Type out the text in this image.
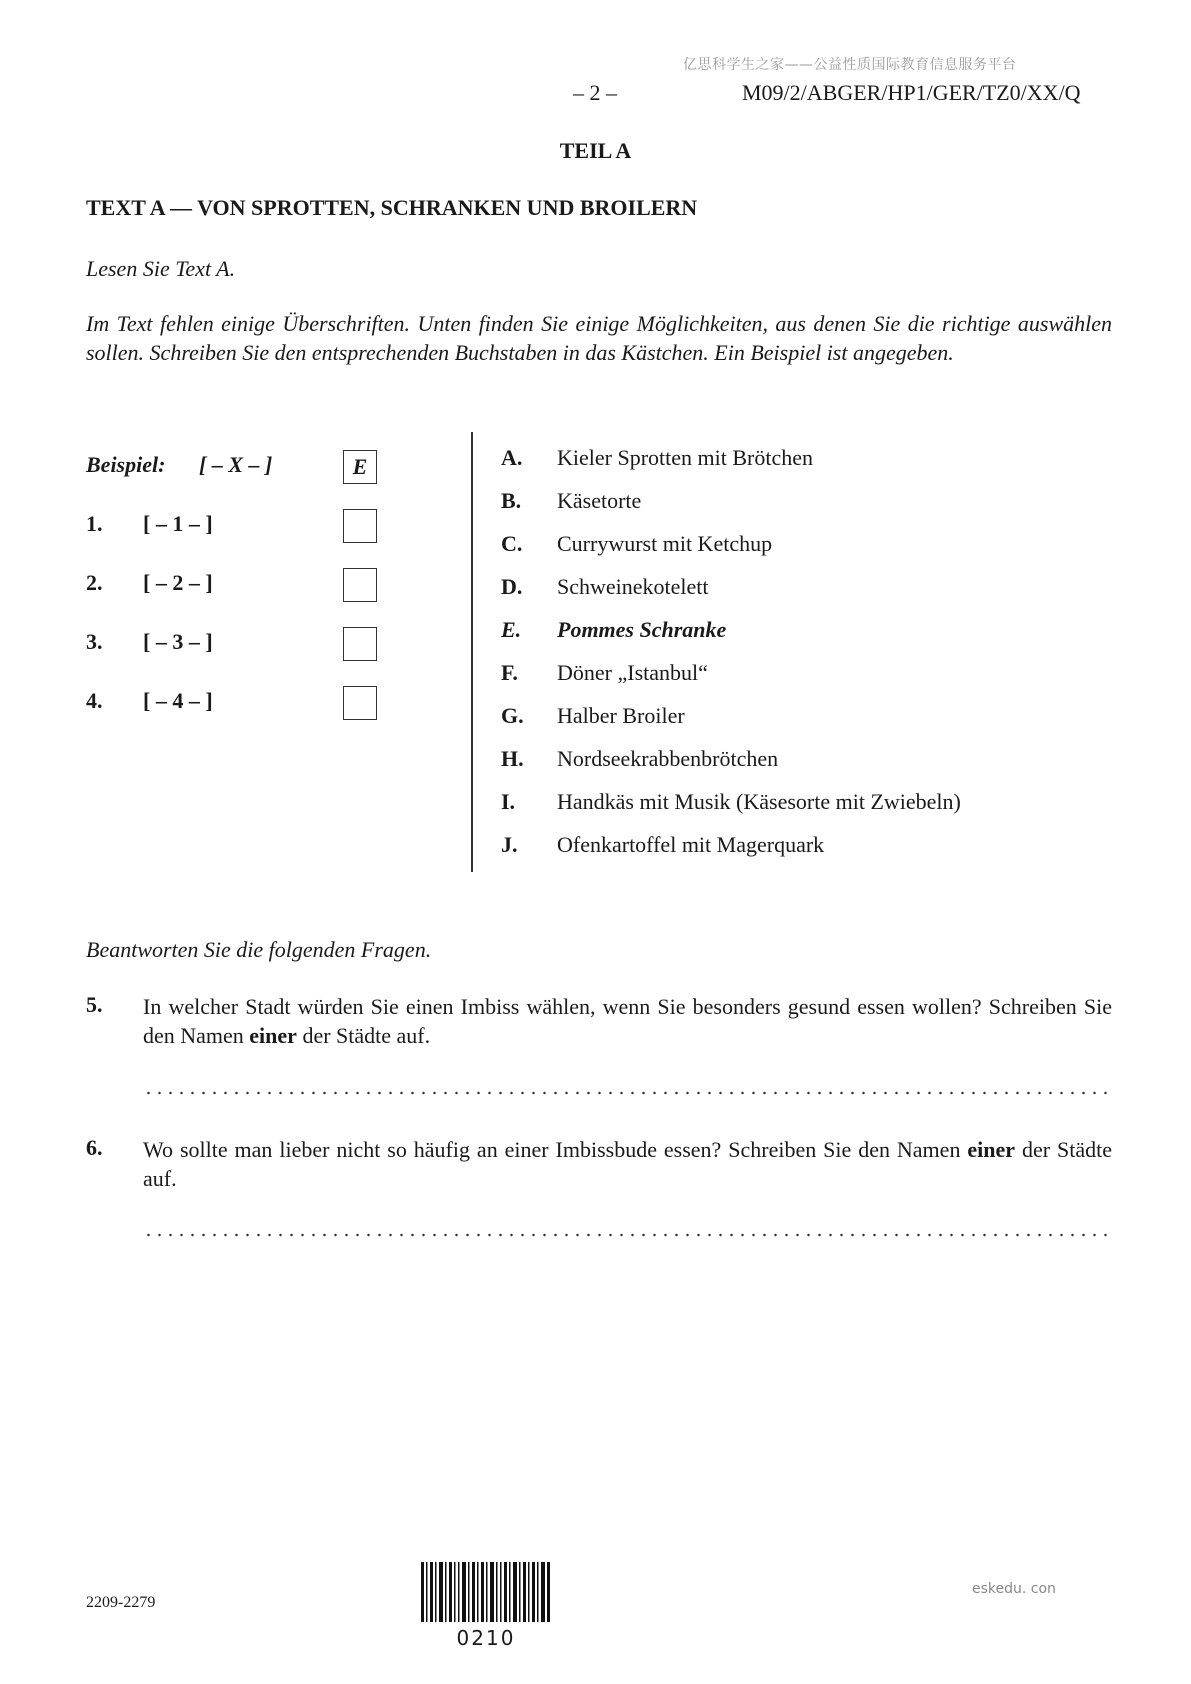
亿思科学生之家——公益性质国际教育信息服务平台
– 2 –	M09/2/ABGER/HP1/GER/TZ0/XX/Q
TEIL A
TEXT A — VON SPROTTEN, SCHRANKEN UND BROILERN
Lesen Sie Text A.
Im Text fehlen einige Überschriften. Unten finden Sie einige Möglichkeiten, aus denen Sie die richtige auswählen sollen. Schreiben Sie den entsprechenden Buchstaben in das Kästchen. Ein Beispiel ist angegeben.
Beispiel: [ – X – ]	E
1. [ – 1 – ]
2. [ – 2 – ]
3. [ – 3 – ]
4. [ – 4 – ]
A. Kieler Sprotten mit Brötchen
B. Käsetorte
C. Currywurst mit Ketchup
D. Schweinekotelett
E. Pommes Schranke
F. Döner „Istanbul“
G. Halber Broiler
H. Nordseekrabbenbrötchen
I. Handkäs mit Musik (Käsesorte mit Zwiebeln)
J. Ofenkartoffel mit Magerquark
Beantworten Sie die folgenden Fragen.
5. In welcher Stadt würden Sie einen Imbiss wählen, wenn Sie besonders gesund essen wollen? Schreiben Sie den Namen einer der Städte auf.
6. Wo sollte man lieber nicht so häufig an einer Imbissbude essen? Schreiben Sie den Namen einer der Städte auf.
2209-2279
0210
eskedu. con
